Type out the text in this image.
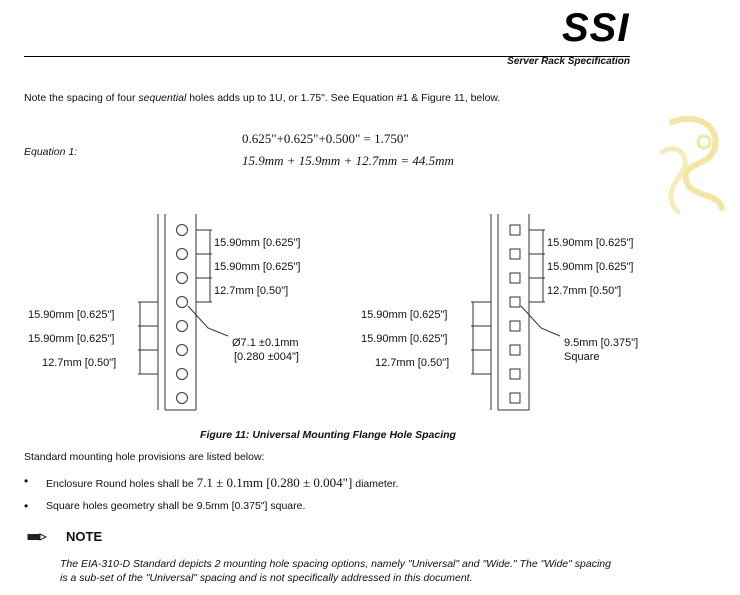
SSI
Server Rack Specification
Note the spacing of four sequential holes adds up to 1U, or 1.75". See Equation #1 & Figure 11, below.
Equation 1:
0.625"+0.625"+0.500" = 1.750"
15.9mm + 15.9mm + 12.7mm = 44.5mm
15.90mm [0.625"]
15.90mm [0.625"]
12.7mm [0.50"]
15.90mm [0.625"]
15.90mm [0.625"]
12.7mm [0.50"]
Ø7.1 ±0.1mm
[0.280 ±004"]
15.90mm [0.625"]
15.90mm [0.625"]
12.7mm [0.50"]
15.90mm [0.625"]
15.90mm [0.625"]
12.7mm [0.50"]
9.5mm [0.375"]
Square
Figure 11: Universal Mounting Flange Hole Spacing
Standard mounting hole provisions are listed below:
• Enclosure Round holes shall be 7.1 ± 0.1mm [0.280 ± 0.004"] diameter.
• Square holes geometry shall be 9.5mm [0.375"] square.
NOTE
The EIA-310-D Standard depicts 2 mounting hole spacing options, namely "Universal" and "Wide." The "Wide" spacing is a sub-set of the "Universal" spacing and is not specifically addressed in this document.
